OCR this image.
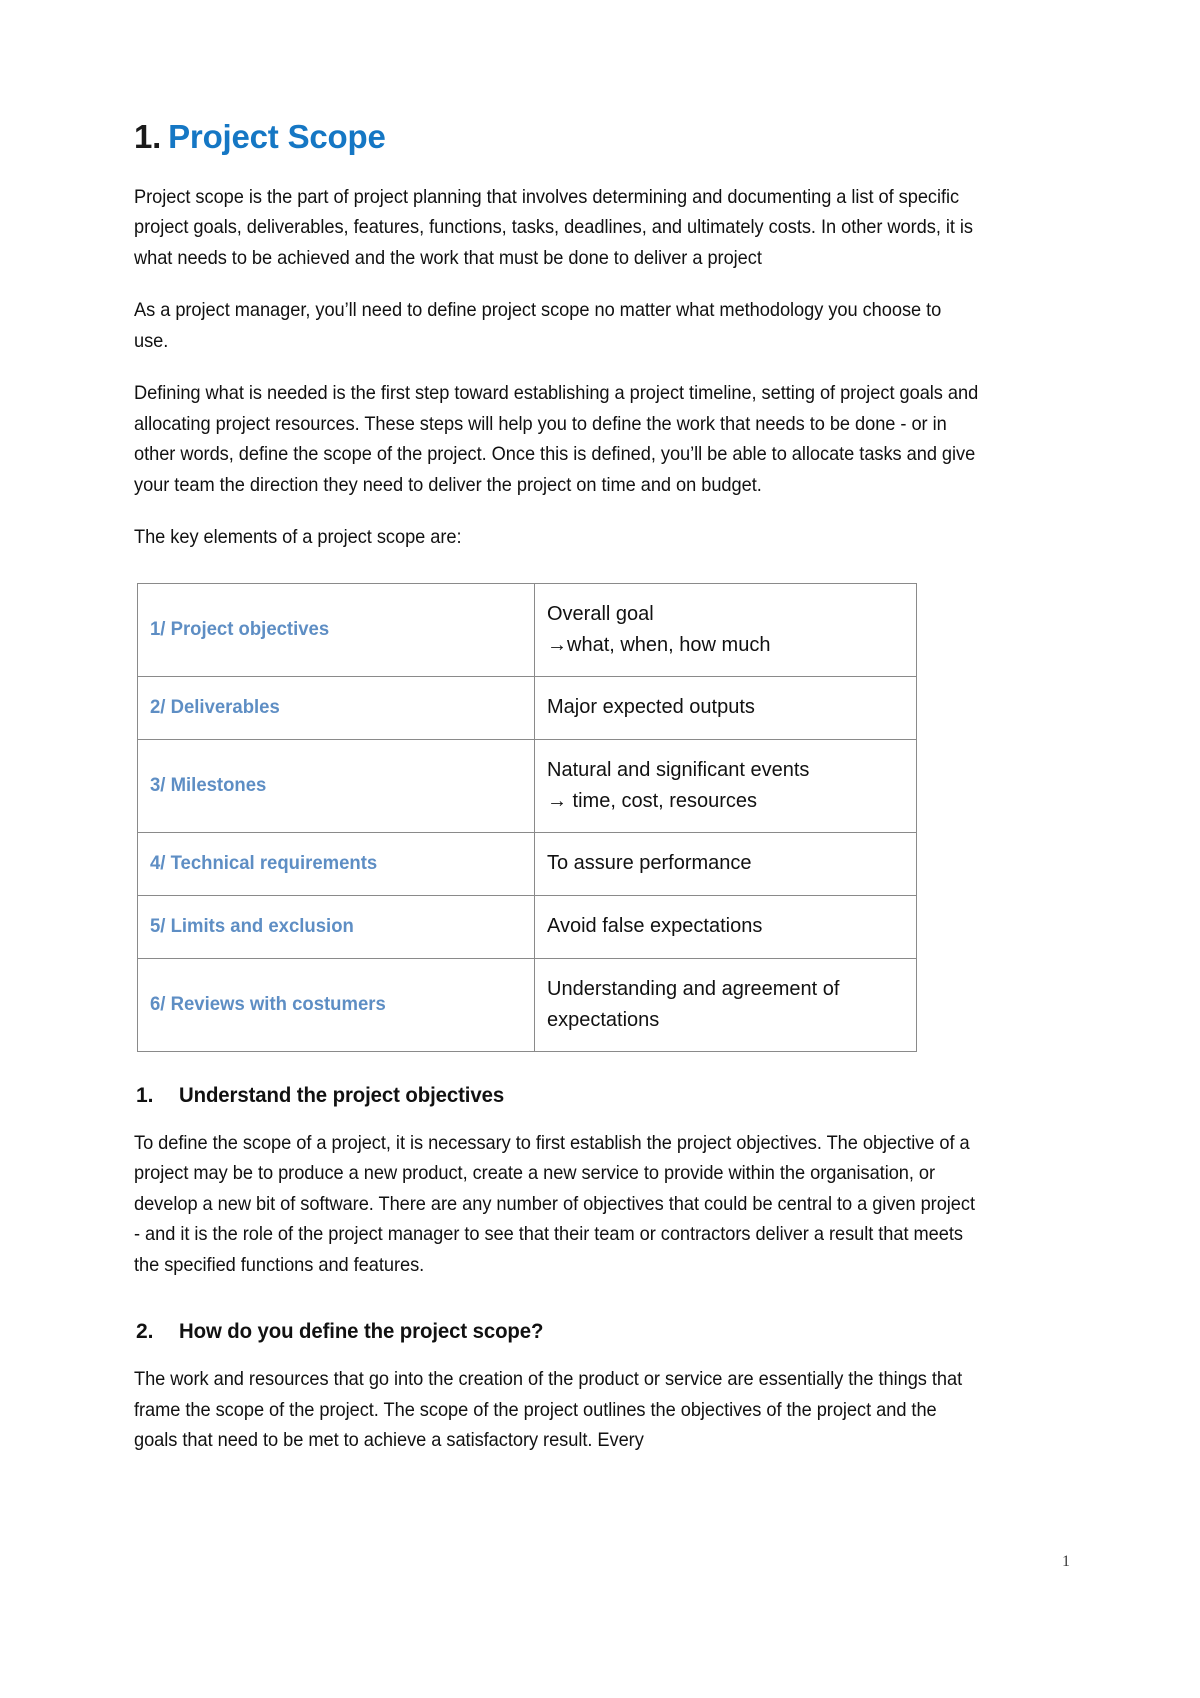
1. Project Scope

Project scope is the part of project planning that involves determining and documenting a list of specific project goals, deliverables, features, functions, tasks, deadlines, and ultimately costs. In other words, it is what needs to be achieved and the work that must be done to deliver a project

As a project manager, you’ll need to define project scope no matter what methodology you choose to use.

Defining what is needed is the first step toward establishing a project timeline, setting of project goals and allocating project resources. These steps will help you to define the work that needs to be done - or in other words, define the scope of the project. Once this is defined, you’ll be able to allocate tasks and give your team the direction they need to deliver the project on time and on budget.

The key elements of a project scope are:

1/ Project objectives	Overall goal
→what, when, how much

2/ Deliverables	Major expected outputs

3/ Milestones	Natural and significant events
→ time, cost, resources

4/ Technical requirements	To assure performance

5/ Limits and exclusion	Avoid false expectations

6/ Reviews with costumers	Understanding and agreement of
expectations
1. Understand the project objectives

To define the scope of a project, it is necessary to first establish the project objectives. The objective of a project may be to produce a new product, create a new service to provide within the organisation, or develop a new bit of software. There are any number of objectives that could be central to a given project - and it is the role of the project manager to see that their team or contractors deliver a result that meets the specified functions and features.

2. How do you define the project scope?

The work and resources that go into the creation of the product or service are essentially the things that frame the scope of the project. The scope of the project outlines the objectives of the project and the goals that need to be met to achieve a satisfactory result. Every

1
